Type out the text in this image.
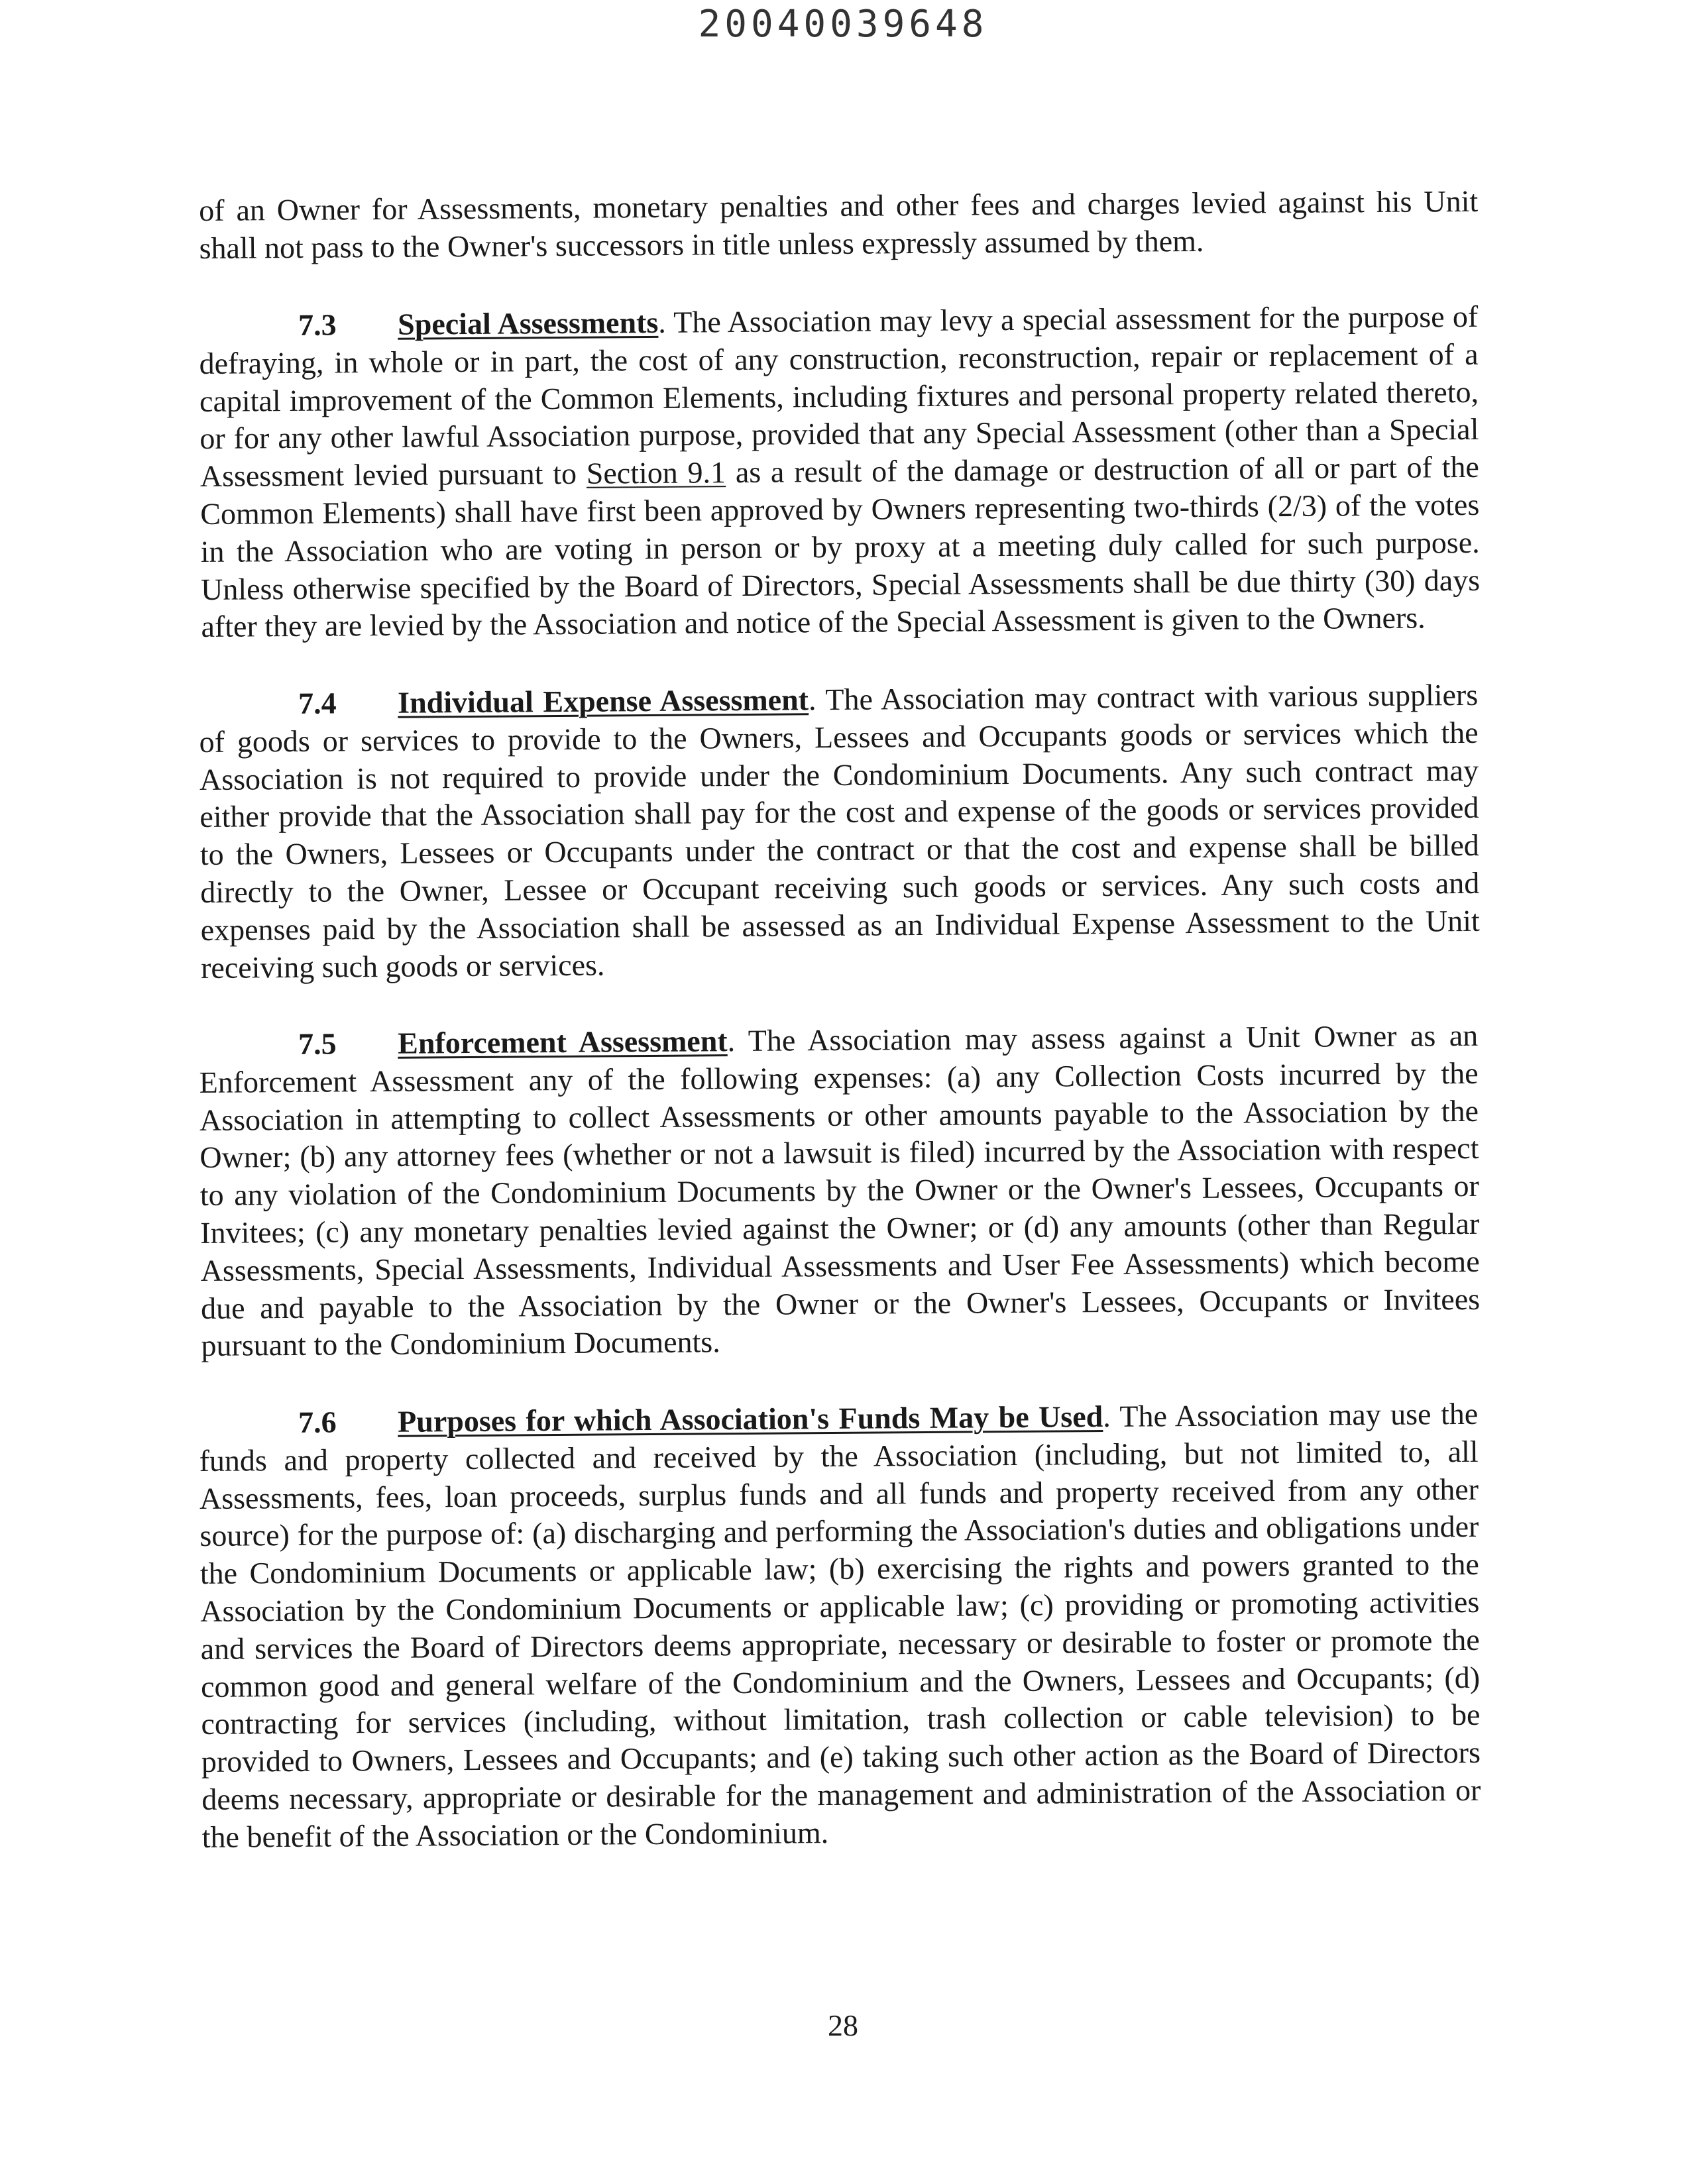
20040039648

of an Owner for Assessments, monetary penalties and other fees and charges levied against his Unit shall not pass to the Owner's successors in title unless expressly assumed by them.

7.3 Special Assessments. The Association may levy a special assessment for the purpose of defraying, in whole or in part, the cost of any construction, reconstruction, repair or replacement of a capital improvement of the Common Elements, including fixtures and personal property related thereto, or for any other lawful Association purpose, provided that any Special Assessment (other than a Special Assessment levied pursuant to Section 9.1 as a result of the damage or destruction of all or part of the Common Elements) shall have first been approved by Owners representing two-thirds (2/3) of the votes in the Association who are voting in person or by proxy at a meeting duly called for such purpose. Unless otherwise specified by the Board of Directors, Special Assessments shall be due thirty (30) days after they are levied by the Association and notice of the Special Assessment is given to the Owners.

7.4 Individual Expense Assessment. The Association may contract with various suppliers of goods or services to provide to the Owners, Lessees and Occupants goods or services which the Association is not required to provide under the Condominium Documents. Any such contract may either provide that the Association shall pay for the cost and expense of the goods or services provided to the Owners, Lessees or Occupants under the contract or that the cost and expense shall be billed directly to the Owner, Lessee or Occupant receiving such goods or services. Any such costs and expenses paid by the Association shall be assessed as an Individual Expense Assessment to the Unit receiving such goods or services.

7.5 Enforcement Assessment. The Association may assess against a Unit Owner as an Enforcement Assessment any of the following expenses: (a) any Collection Costs incurred by the Association in attempting to collect Assessments or other amounts payable to the Association by the Owner; (b) any attorney fees (whether or not a lawsuit is filed) incurred by the Association with respect to any violation of the Condominium Documents by the Owner or the Owner's Lessees, Occupants or Invitees; (c) any monetary penalties levied against the Owner; or (d) any amounts (other than Regular Assessments, Special Assessments, Individual Assessments and User Fee Assessments) which become due and payable to the Association by the Owner or the Owner's Lessees, Occupants or Invitees pursuant to the Condominium Documents.

7.6 Purposes for which Association's Funds May be Used. The Association may use the funds and property collected and received by the Association (including, but not limited to, all Assessments, fees, loan proceeds, surplus funds and all funds and property received from any other source) for the purpose of: (a) discharging and performing the Association's duties and obligations under the Condominium Documents or applicable law; (b) exercising the rights and powers granted to the Association by the Condominium Documents or applicable law; (c) providing or promoting activities and services the Board of Directors deems appropriate, necessary or desirable to foster or promote the common good and general welfare of the Condominium and the Owners, Lessees and Occupants; (d) contracting for services (including, without limitation, trash collection or cable television) to be provided to Owners, Lessees and Occupants; and (e) taking such other action as the Board of Directors deems necessary, appropriate or desirable for the management and administration of the Association or the benefit of the Association or the Condominium.

28
